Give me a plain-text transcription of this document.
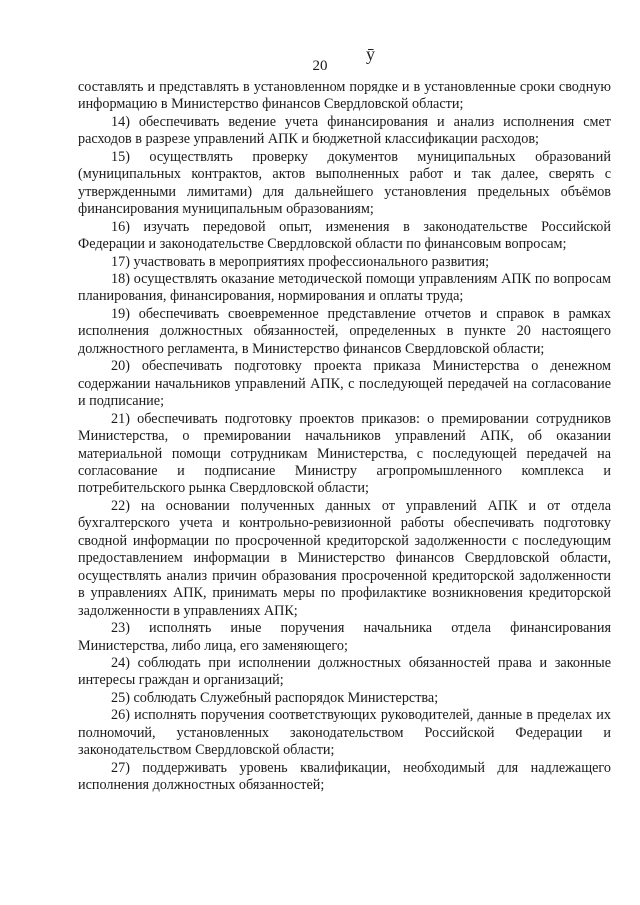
20
ӯ

составлять и представлять в установленном порядке и в установленные сроки сводную информацию в Министерство финансов Свердловской области;

14) обеспечивать ведение учета финансирования и анализ исполнения смет расходов в разрезе управлений АПК и бюджетной классификации расходов;

15) осуществлять проверку документов муниципальных образований (муниципальных контрактов, актов выполненных работ и так далее, сверять с утвержденными лимитами) для дальнейшего установления предельных объёмов финансирования муниципальным образованиям;

16) изучать передовой опыт, изменения в законодательстве Российской Федерации и законодательстве Свердловской области по финансовым вопросам;

17) участвовать в мероприятиях профессионального развития;

18) осуществлять оказание методической помощи управлениям АПК по вопросам планирования, финансирования, нормирования и оплаты труда;

19) обеспечивать своевременное представление отчетов и справок в рамках исполнения должностных обязанностей, определенных в пункте 20 настоящего должностного регламента, в Министерство финансов Свердловской области;

20) обеспечивать подготовку проекта приказа Министерства о денежном содержании начальников управлений АПК, с последующей передачей на согласование и подписание;

21) обеспечивать подготовку проектов приказов: о премировании сотрудников Министерства, о премировании начальников управлений АПК, об оказании материальной помощи сотрудникам Министерства, с последующей передачей на согласование и подписание Министру агропромышленного комплекса и потребительского рынка Свердловской области;

22) на основании полученных данных от управлений АПК и от отдела бухгалтерского учета и контрольно-ревизионной работы обеспечивать подготовку сводной информации по просроченной кредиторской задолженности с последующим предоставлением информации в Министерство финансов Свердловской области, осуществлять анализ причин образования просроченной кредиторской задолженности в управлениях АПК, принимать меры по профилактике возникновения кредиторской задолженности в управлениях АПК;

23) исполнять иные поручения начальника отдела финансирования Министерства, либо лица, его заменяющего;

24) соблюдать при исполнении должностных обязанностей права и законные интересы граждан и организаций;

25) соблюдать Служебный распорядок Министерства;

26) исполнять поручения соответствующих руководителей, данные в пределах их полномочий, установленных законодательством Российской Федерации и законодательством Свердловской области;

27) поддерживать уровень квалификации, необходимый для надлежащего исполнения должностных обязанностей;
